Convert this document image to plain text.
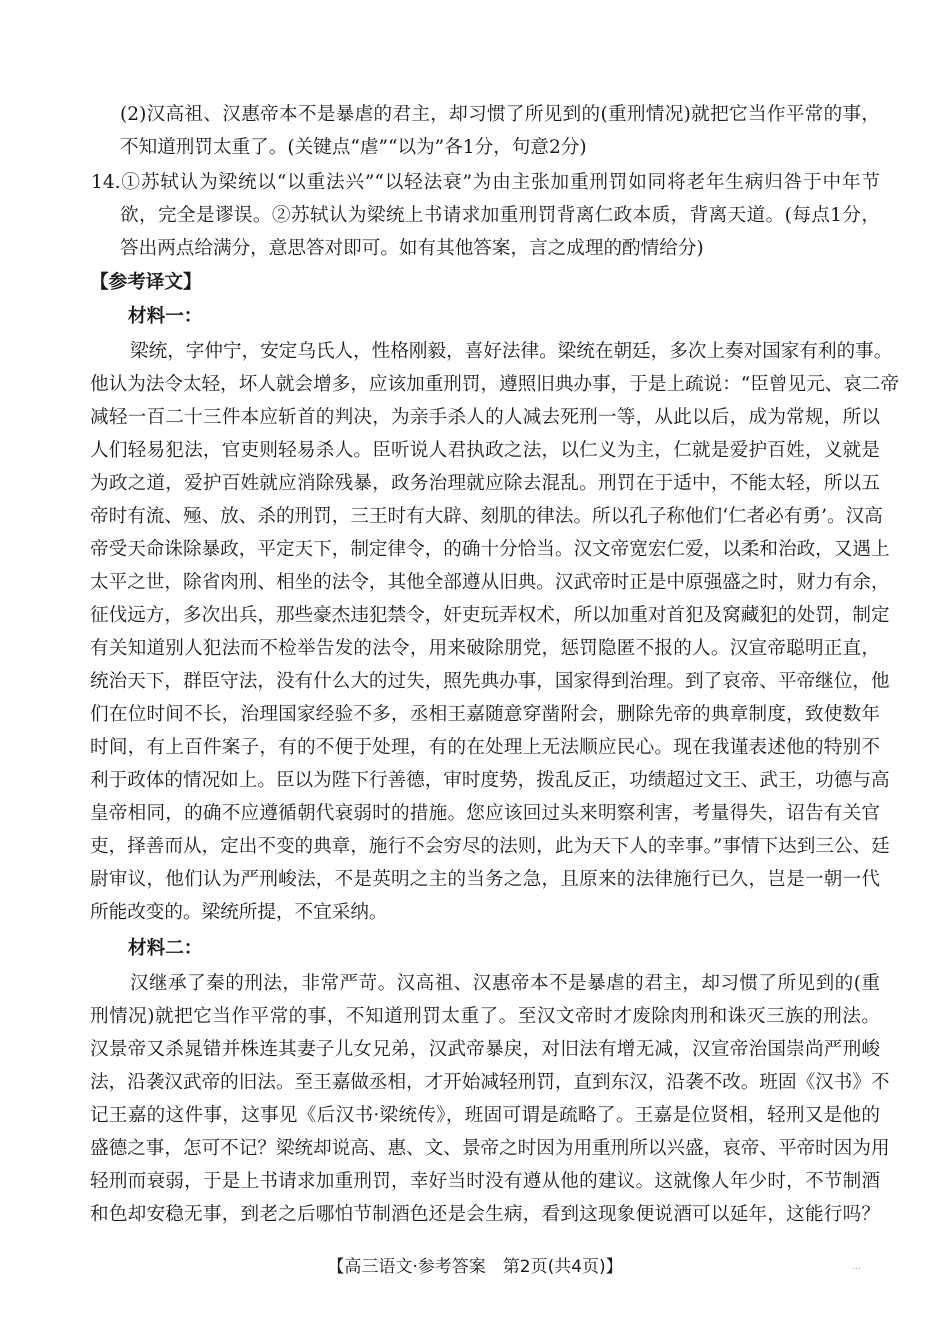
(2)汉高祖、汉惠帝本不是暴虐的君主，却习惯了所见到的(重刑情况)就把它当作平常的事，
不知道刑罚太重了。(关键点“虐”“以为”各1分，句意2分)
14.①苏轼认为梁统以“以重法兴”“以轻法衰”为由主张加重刑罚如同将老年生病归咎于中年节
欲，完全是谬误。②苏轼认为梁统上书请求加重刑罚背离仁政本质，背离天道。(每点1分，
答出两点给满分，意思答对即可。如有其他答案，言之成理的酌情给分)
【参考译文】
材料一：
梁统，字仲宁，安定乌氏人，性格刚毅，喜好法律。梁统在朝廷，多次上奏对国家有利的事。
他认为法令太轻，坏人就会增多，应该加重刑罚，遵照旧典办事，于是上疏说：“臣曾见元、哀二帝
减轻一百二十三件本应斩首的判决，为亲手杀人的人减去死刑一等，从此以后，成为常规，所以
人们轻易犯法，官吏则轻易杀人。臣听说人君执政之法，以仁义为主，仁就是爱护百姓，义就是
为政之道，爱护百姓就应消除残暴，政务治理就应除去混乱。刑罚在于适中，不能太轻，所以五
帝时有流、殛、放、杀的刑罚，三王时有大辟、刻肌的律法。所以孔子称他们‘仁者必有勇’。汉高
帝受天命诛除暴政，平定天下，制定律令，的确十分恰当。汉文帝宽宏仁爱，以柔和治政，又遇上
太平之世，除省肉刑、相坐的法令，其他全部遵从旧典。汉武帝时正是中原强盛之时，财力有余，
征伐远方，多次出兵，那些豪杰违犯禁令，奸吏玩弄权术，所以加重对首犯及窝藏犯的处罚，制定
有关知道别人犯法而不检举告发的法令，用来破除朋党，惩罚隐匿不报的人。汉宣帝聪明正直，
统治天下，群臣守法，没有什么大的过失，照先典办事，国家得到治理。到了哀帝、平帝继位，他
们在位时间不长，治理国家经验不多，丞相王嘉随意穿凿附会，删除先帝的典章制度，致使数年
时间，有上百件案子，有的不便于处理，有的在处理上无法顺应民心。现在我谨表述他的特别不
利于政体的情况如上。臣以为陛下行善德，审时度势，拨乱反正，功绩超过文王、武王，功德与高
皇帝相同，的确不应遵循朝代衰弱时的措施。您应该回过头来明察利害，考量得失，诏告有关官
吏，择善而从，定出不变的典章，施行不会穷尽的法则，此为天下人的幸事。”事情下达到三公、廷
尉审议，他们认为严刑峻法，不是英明之主的当务之急，且原来的法律施行已久，岂是一朝一代
所能改变的。梁统所提，不宜采纳。
材料二：
汉继承了秦的刑法，非常严苛。汉高祖、汉惠帝本不是暴虐的君主，却习惯了所见到的(重
刑情况)就把它当作平常的事，不知道刑罚太重了。至汉文帝时才废除肉刑和诛灭三族的刑法。
汉景帝又杀晁错并株连其妻子儿女兄弟，汉武帝暴戾，对旧法有增无减，汉宣帝治国崇尚严刑峻
法，沿袭汉武帝的旧法。至王嘉做丞相，才开始减轻刑罚，直到东汉，沿袭不改。班固《汉书》不
记王嘉的这件事，这事见《后汉书·梁统传》，班固可谓是疏略了。王嘉是位贤相，轻刑又是他的
盛德之事，怎可不记？梁统却说高、惠、文、景帝之时因为用重刑所以兴盛，哀帝、平帝时因为用
轻刑而衰弱，于是上书请求加重刑罚，幸好当时没有遵从他的建议。这就像人年少时，不节制酒
和色却安稳无事，到老之后哪怕节制酒色还是会生病，看到这现象便说酒可以延年，这能行吗？
【高三语文·参考答案　第2页(共4页)】	...
